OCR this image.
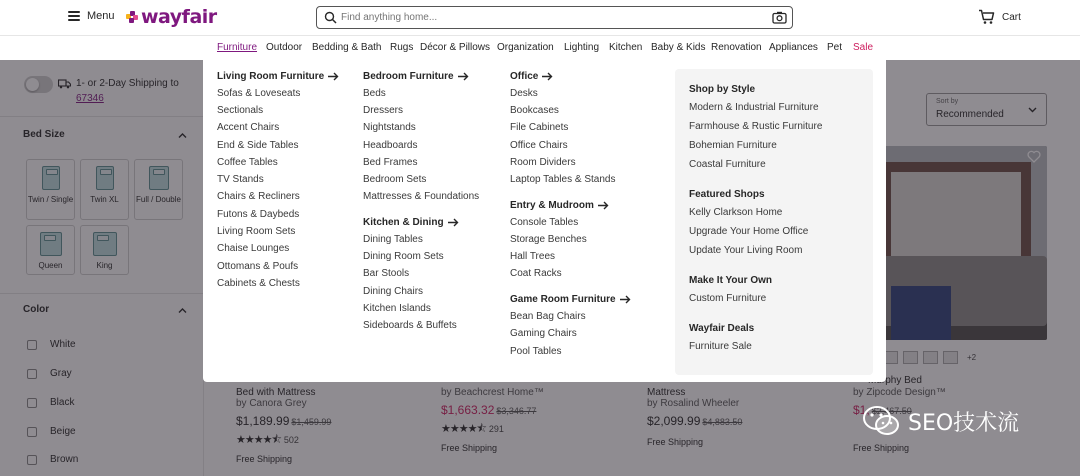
Menu wayfair
Find anything home...	Cart
Furniture Outdoor Bedding & Bath Rugs Décor & Pillows Organization Lighting Kitchen Baby & Kids Renovation Appliances Pet Sale

Living Room Furniture
Sofas & Loveseats
Sectionals
Accent Chairs
End & Side Tables
Coffee Tables
TV Stands
Chairs & Recliners
Futons & Daybeds
Living Room Sets
Chaise Lounges
Ottomans & Poufs
Cabinets & Chests
Bedroom Furniture
Beds
Dressers
Nightstands
Headboards
Bed Frames
Bedroom Sets
Mattresses & Foundations
Kitchen & Dining
Dining Tables
Dining Room Sets
Bar Stools
Dining Chairs
Kitchen Islands
Sideboards & Buffets
Office
Desks
Bookcases
File Cabinets
Office Chairs
Room Dividers
Laptop Tables & Stands
Entry & Mudroom
Console Tables
Storage Benches
Hall Trees
Coat Racks
Game Room Furniture
Bean Bag Chairs
Gaming Chairs
Pool Tables
Shop by Style
Modern & Industrial Furniture
Farmhouse & Rustic Furniture
Bohemian Furniture
Coastal Furniture
Featured Shops
Kelly Clarkson Home
Upgrade Your Home Office
Update Your Living Room
Make It Your Own
Custom Furniture
Wayfair Deals
Furniture Sale
SEO技术流
